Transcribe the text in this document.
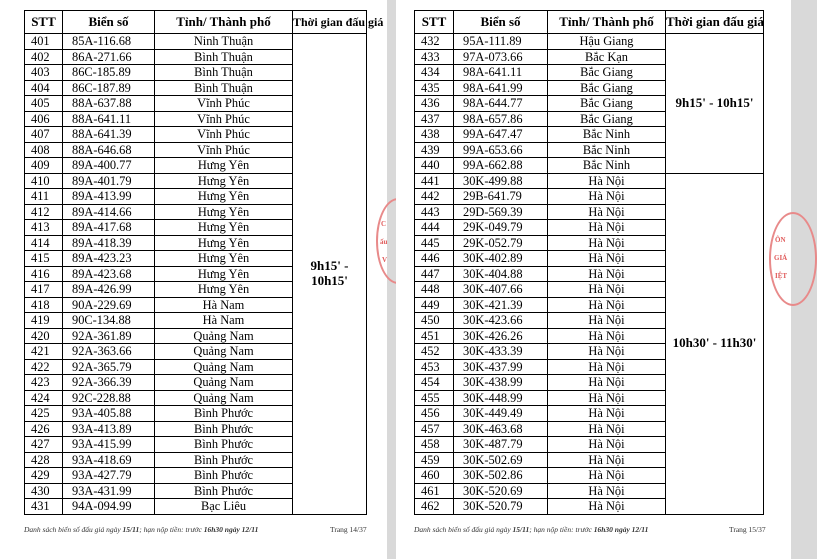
STT	Biển số	Tỉnh/ Thành phố	Thời gian đấu giá
401	85A-116.68	Ninh Thuận	9h15' - 10h15'
402	86A-271.66	Bình Thuận	
403	86C-185.89	Bình Thuận	
404	86C-187.89	Bình Thuận	
405	88A-637.88	Vĩnh Phúc	
406	88A-641.11	Vĩnh Phúc	
407	88A-641.39	Vĩnh Phúc	
408	88A-646.68	Vĩnh Phúc	
409	89A-400.77	Hưng Yên	
410	89A-401.79	Hưng Yên	
411	89A-413.99	Hưng Yên	
412	89A-414.66	Hưng Yên	
413	89A-417.68	Hưng Yên	
414	89A-418.39	Hưng Yên	
415	89A-423.23	Hưng Yên	
416	89A-423.68	Hưng Yên	
417	89A-426.99	Hưng Yên	
418	90A-229.69	Hà Nam	
419	90C-134.88	Hà Nam	
420	92A-361.89	Quảng Nam	
421	92A-363.66	Quảng Nam	
422	92A-365.79	Quảng Nam	
423	92A-366.39	Quảng Nam	
424	92C-228.88	Quảng Nam	
425	93A-405.88	Bình Phước	
426	93A-413.89	Bình Phước	
427	93A-415.99	Bình Phước	
428	93A-418.69	Bình Phước	
429	93A-427.79	Bình Phước	
430	93A-431.99	Bình Phước	
431	94A-094.99	Bạc Liêu	
Danh sách biển số đấu giá ngày 15/11; hạn nộp tiền: trước 16h30 ngày 12/11	Trang 14/37
C
ấu
V
STT	Biển số	Tỉnh/ Thành phố	Thời gian đấu giá
432	95A-111.89	Hậu Giang	9h15' - 10h15'
433	97A-073.66	Bắc Kạn	
434	98A-641.11	Bắc Giang	
435	98A-641.99	Bắc Giang	
436	98A-644.77	Bắc Giang	
437	98A-657.86	Bắc Giang	
438	99A-647.47	Bắc Ninh	
439	99A-653.66	Bắc Ninh	
440	99A-662.88	Bắc Ninh	
441	30K-499.88	Hà Nội	10h30' - 11h30'
442	29B-641.79	Hà Nội	
443	29D-569.39	Hà Nội	
444	29K-049.79	Hà Nội	
445	29K-052.79	Hà Nội	
446	30K-402.89	Hà Nội	
447	30K-404.88	Hà Nội	
448	30K-407.66	Hà Nội	
449	30K-421.39	Hà Nội	
450	30K-423.66	Hà Nội	
451	30K-426.26	Hà Nội	
452	30K-433.39	Hà Nội	
453	30K-437.99	Hà Nội	
454	30K-438.99	Hà Nội	
455	30K-448.99	Hà Nội	
456	30K-449.49	Hà Nội	
457	30K-463.68	Hà Nội	
458	30K-487.79	Hà Nội	
459	30K-502.69	Hà Nội	
460	30K-502.86	Hà Nội	
461	30K-520.69	Hà Nội	
462	30K-520.79	Hà Nội	
Danh sách biển số đấu giá ngày 15/11; hạn nộp tiền: trước 16h30 ngày 12/11	Trang 15/37
ÔN
GIÁ
IỆT
